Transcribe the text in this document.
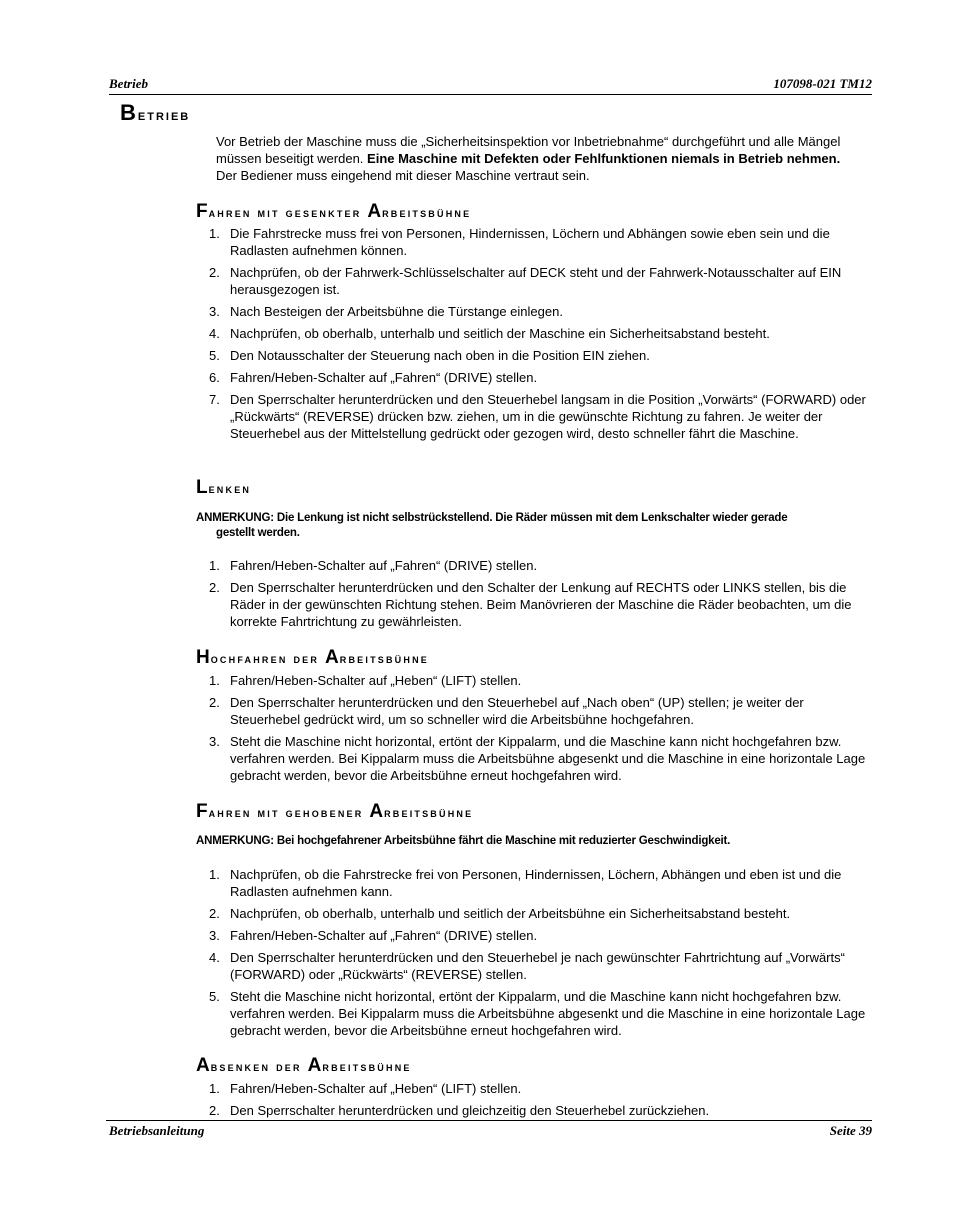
Betrieb	107098-021 TM12
Betrieb

Vor Betrieb der Maschine muss die „Sicherheitsinspektion vor Inbetriebnahme“ durchgeführt und alle Mängel müssen beseitigt werden. Eine Maschine mit Defekten oder Fehlfunktionen niemals in Betrieb nehmen. Der Bediener muss eingehend mit dieser Maschine vertraut sein.

Fahren mit gesenkter Arbeitsbühne
1. Die Fahrstrecke muss frei von Personen, Hindernissen, Löchern und Abhängen sowie eben sein und die Radlasten aufnehmen können.
2. Nachprüfen, ob der Fahrwerk-Schlüsselschalter auf DECK steht und der Fahrwerk-Notausschalter auf EIN herausgezogen ist.
3. Nach Besteigen der Arbeitsbühne die Türstange einlegen.
4. Nachprüfen, ob oberhalb, unterhalb und seitlich der Maschine ein Sicherheitsabstand besteht.
5. Den Notausschalter der Steuerung nach oben in die Position EIN ziehen.
6. Fahren/Heben-Schalter auf „Fahren“ (DRIVE) stellen.
7. Den Sperrschalter herunterdrücken und den Steuerhebel langsam in die Position „Vorwärts“ (FORWARD) oder „Rückwärts“ (REVERSE) drücken bzw. ziehen, um in die gewünschte Richtung zu fahren. Je weiter der Steuerhebel aus der Mittelstellung gedrückt oder gezogen wird, desto schneller fährt die Maschine.
Lenken

ANMERKUNG: Die Lenkung ist nicht selbstrückstellend. Die Räder müssen mit dem Lenkschalter wieder gerade
gestellt werden.

1. Fahren/Heben-Schalter auf „Fahren“ (DRIVE) stellen.
2. Den Sperrschalter herunterdrücken und den Schalter der Lenkung auf RECHTS oder LINKS stellen, bis die Räder in der gewünschten Richtung stehen. Beim Manövrieren der Maschine die Räder beobachten, um die korrekte Fahrtrichtung zu gewährleisten.
Hochfahren der Arbeitsbühne
1. Fahren/Heben-Schalter auf „Heben“ (LIFT) stellen.
2. Den Sperrschalter herunterdrücken und den Steuerhebel auf „Nach oben“ (UP) stellen; je weiter der Steuerhebel gedrückt wird, um so schneller wird die Arbeitsbühne hochgefahren.
3. Steht die Maschine nicht horizontal, ertönt der Kippalarm, und die Maschine kann nicht hochgefahren bzw. verfahren werden. Bei Kippalarm muss die Arbeitsbühne abgesenkt und die Maschine in eine horizontale Lage gebracht werden, bevor die Arbeitsbühne erneut hochgefahren wird.
Fahren mit gehobener Arbeitsbühne

ANMERKUNG: Bei hochgefahrener Arbeitsbühne fährt die Maschine mit reduzierter Geschwindigkeit.

1. Nachprüfen, ob die Fahrstrecke frei von Personen, Hindernissen, Löchern, Abhängen und eben ist und die Radlasten aufnehmen kann.
2. Nachprüfen, ob oberhalb, unterhalb und seitlich der Arbeitsbühne ein Sicherheitsabstand besteht.
3. Fahren/Heben-Schalter auf „Fahren“ (DRIVE) stellen.
4. Den Sperrschalter herunterdrücken und den Steuerhebel je nach gewünschter Fahrtrichtung auf „Vorwärts“ (FORWARD) oder „Rückwärts“ (REVERSE) stellen.
5. Steht die Maschine nicht horizontal, ertönt der Kippalarm, und die Maschine kann nicht hochgefahren bzw. verfahren werden. Bei Kippalarm muss die Arbeitsbühne abgesenkt und die Maschine in eine horizontale Lage gebracht werden, bevor die Arbeitsbühne erneut hochgefahren wird.
Absenken der Arbeitsbühne
1. Fahren/Heben-Schalter auf „Heben“ (LIFT) stellen.
2. Den Sperrschalter herunterdrücken und gleichzeitig den Steuerhebel zurückziehen.
Betriebsanleitung	Seite 39
